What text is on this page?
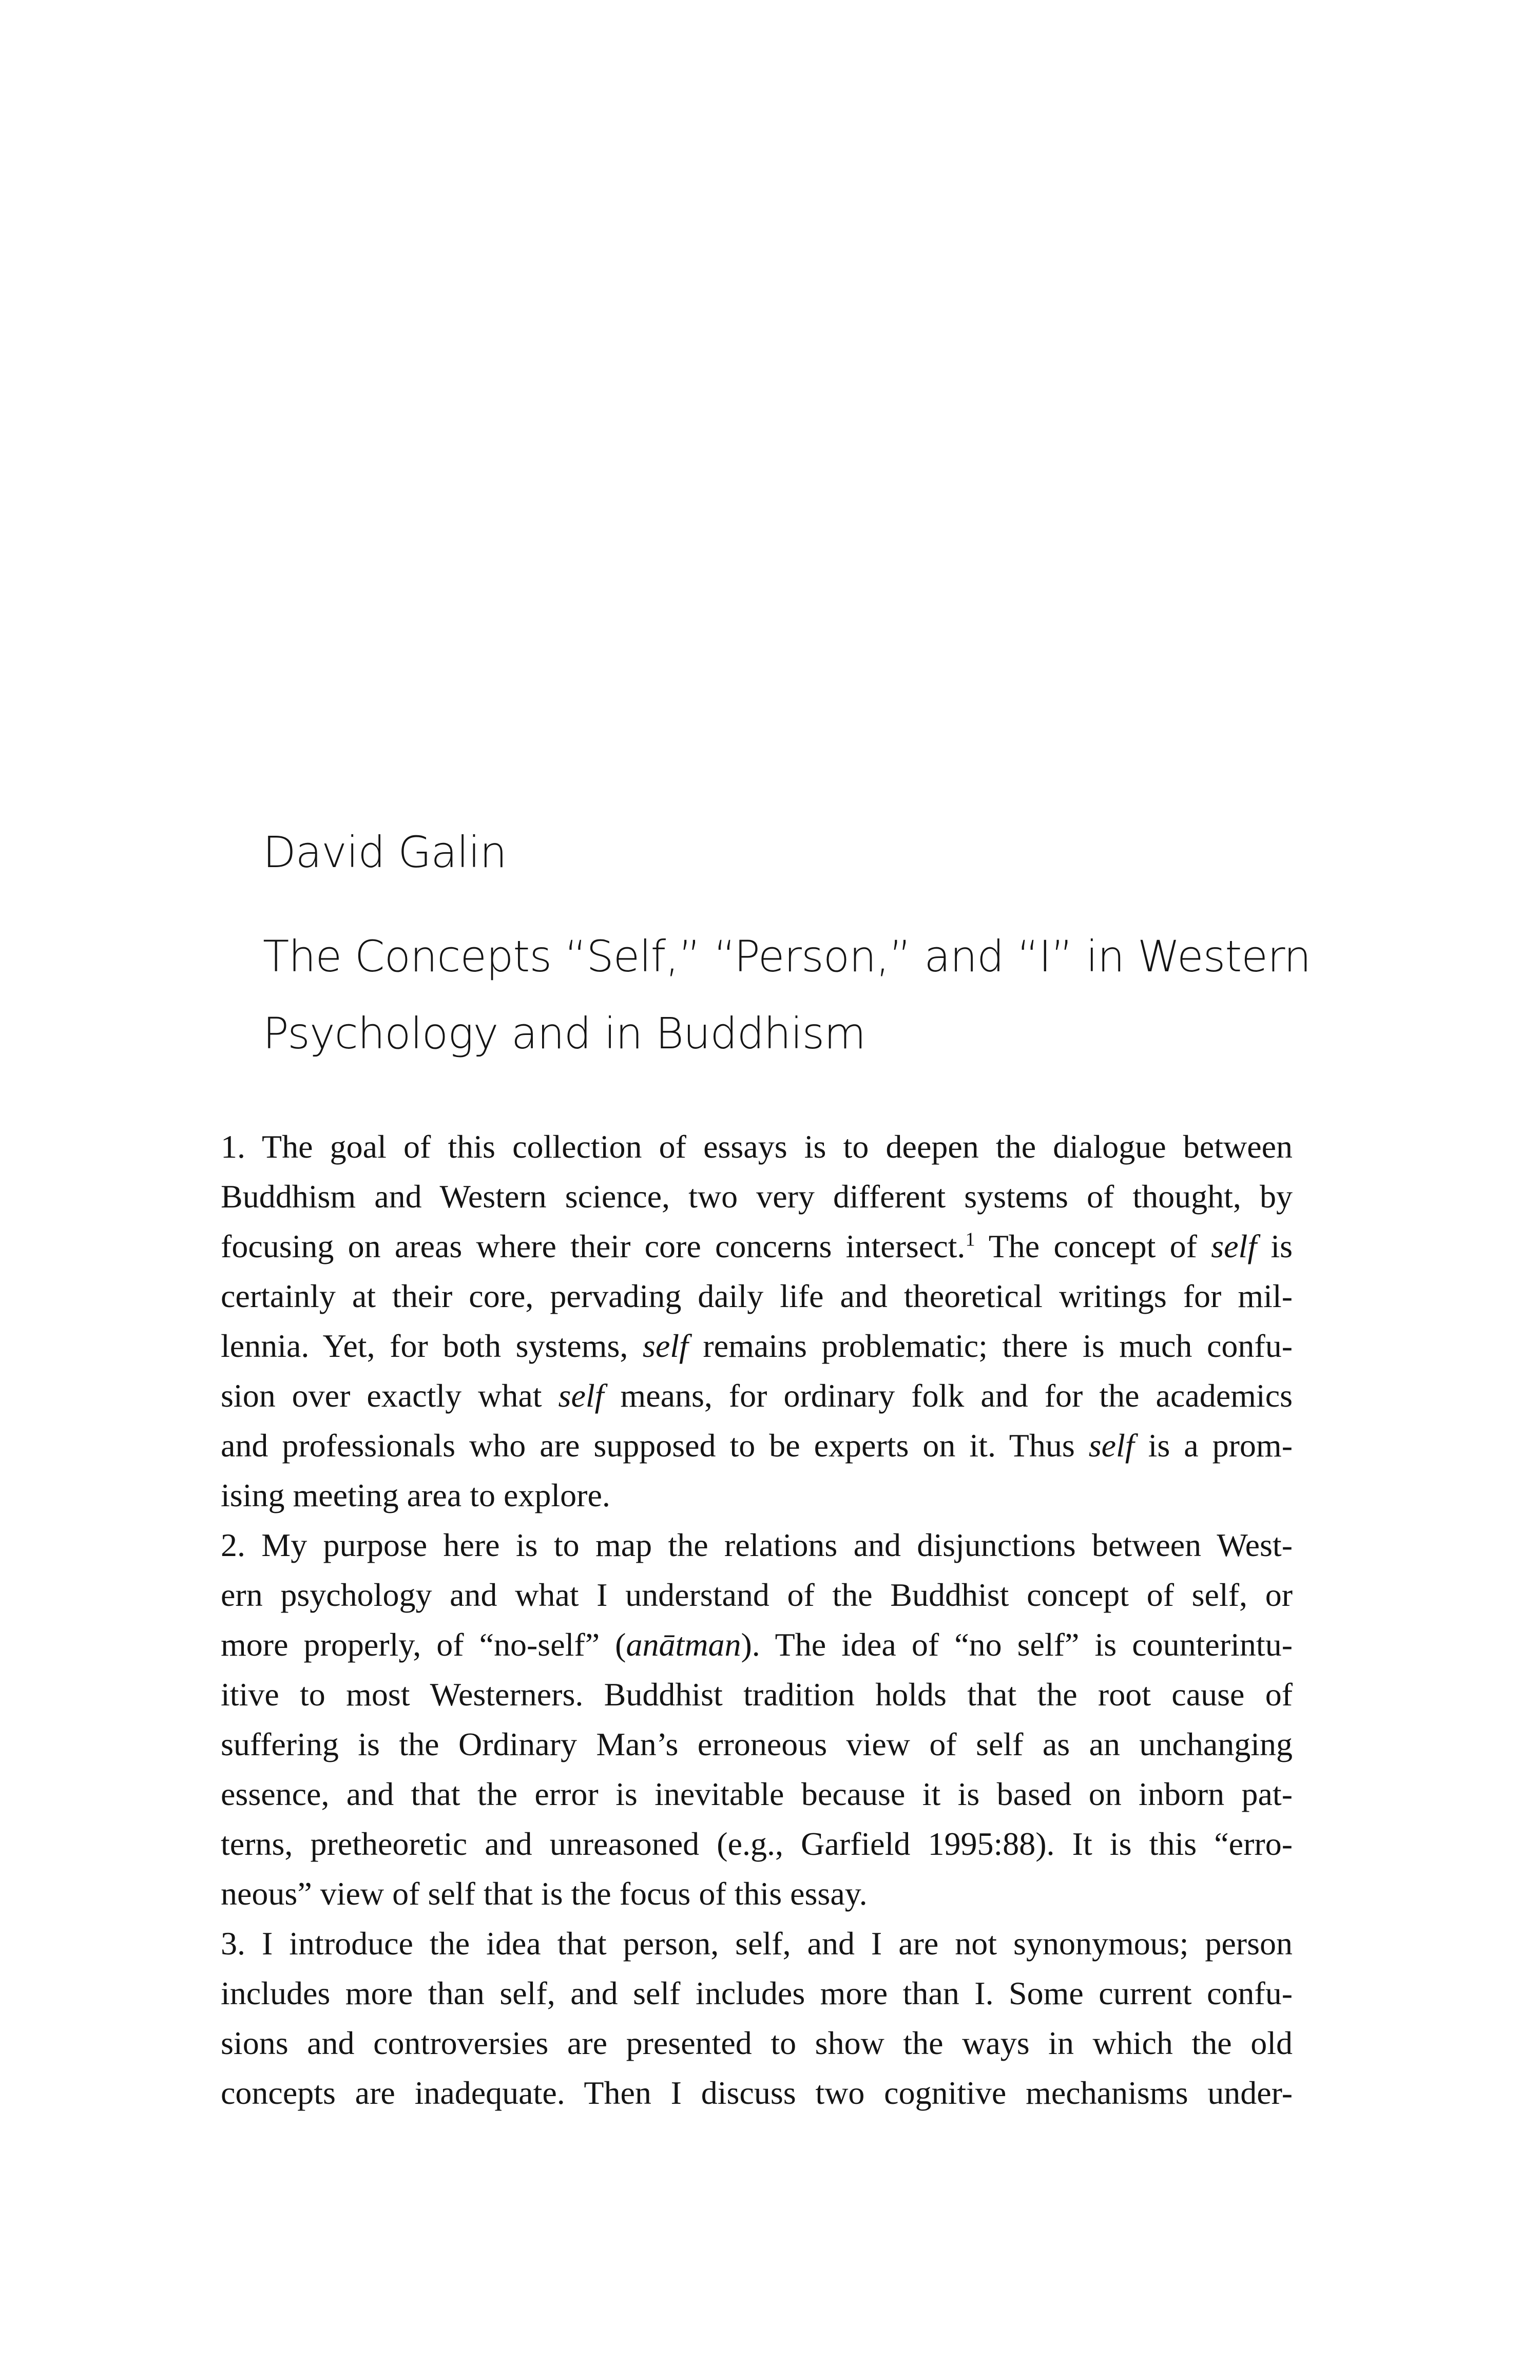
David Galin
The Concepts “Self,” “Person,” and “I” in Western
Psychology and in Buddhism
1. The goal of this collection of essays is to deepen the dialogue between
Buddhism and Western science, two very different systems of thought, by
focusing on areas where their core concerns intersect.$^1$ The concept of self is
certainly at their core, pervading daily life and theoretical writings for mil-
lennia. Yet, for both systems, self remains problematic; there is much confu-
sion over exactly what self means, for ordinary folk and for the academics
and professionals who are supposed to be experts on it. Thus self is a prom-
ising meeting area to explore.
2. My purpose here is to map the relations and disjunctions between West-
ern psychology and what I understand of the Buddhist concept of self, or
more properly, of “no-self” (anātman). The idea of “no self” is counterintu-
itive to most Westerners. Buddhist tradition holds that the root cause of
suffering is the Ordinary Man’s erroneous view of self as an unchanging
essence, and that the error is inevitable because it is based on inborn pat-
terns, pretheoretic and unreasoned (e.g., Garfield 1995:88). It is this “erro-
neous” view of self that is the focus of this essay.
3. I introduce the idea that person, self, and I are not synonymous; person
includes more than self, and self includes more than I. Some current confu-
sions and controversies are presented to show the ways in which the old
concepts are inadequate. Then I discuss two cognitive mechanisms under-
